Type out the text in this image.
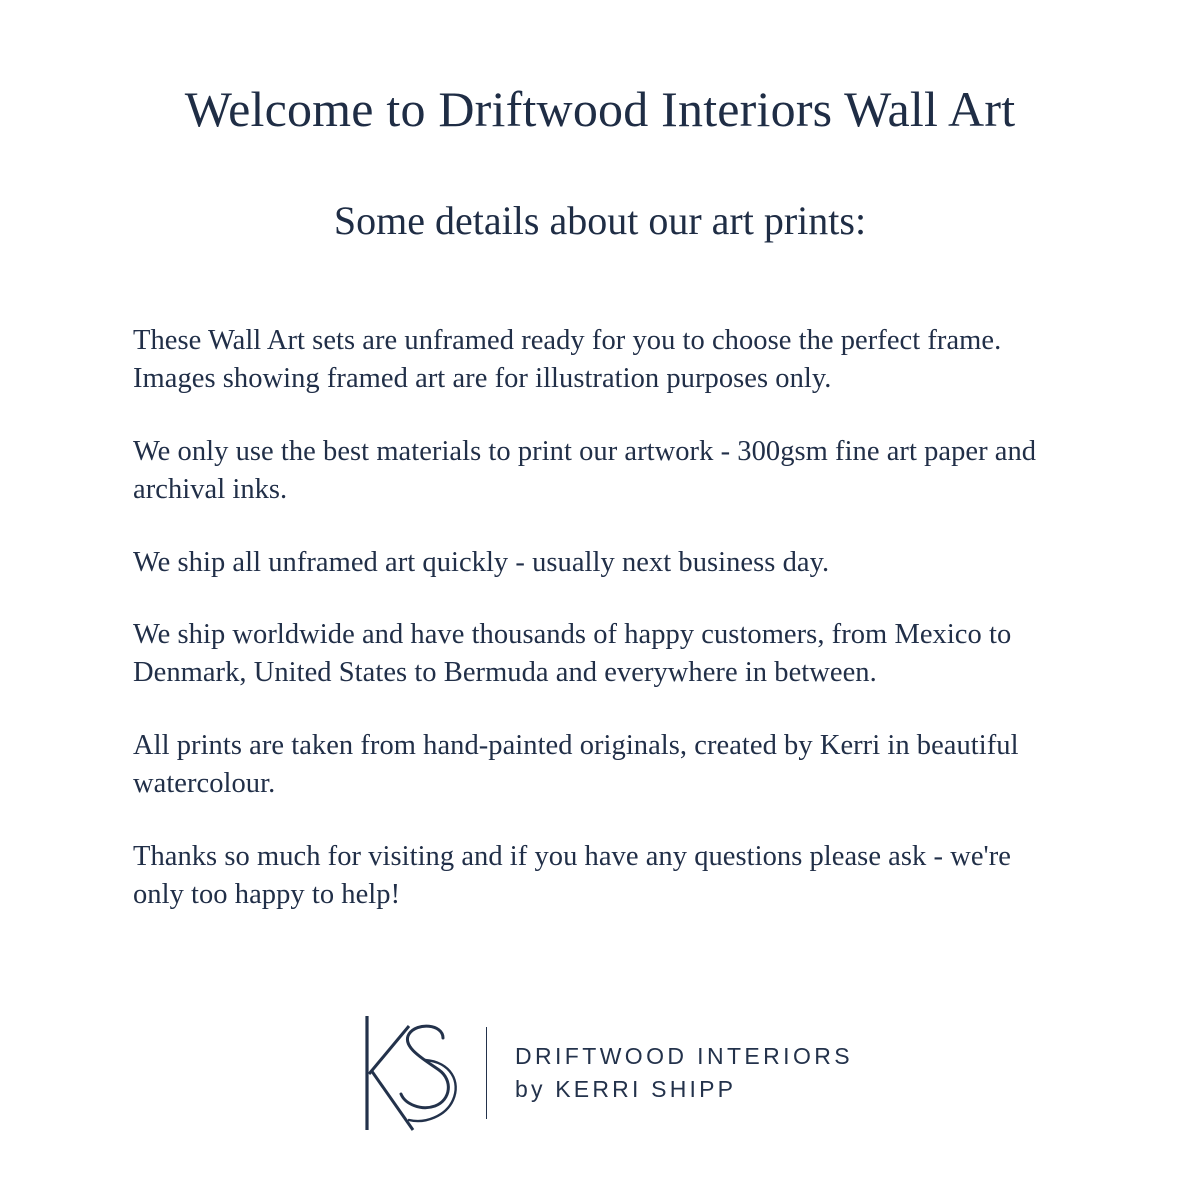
Welcome to Driftwood Interiors Wall Art
Some details about our art prints:

These Wall Art sets are unframed ready for you to choose the perfect frame. Images showing framed art are for illustration purposes only.

We only use the best materials to print our artwork - 300gsm fine art paper and archival inks.

We ship all unframed art quickly - usually next business day.

We ship worldwide and have thousands of happy customers, from Mexico to Denmark, United States to Bermuda and everywhere in between.

All prints are taken from hand-painted originals, created by Kerri in beautiful watercolour.

Thanks so much for visiting and if you have any questions please ask - we're only too happy to help!

DRIFTWOOD INTERIORS
by KERRI SHIPP
